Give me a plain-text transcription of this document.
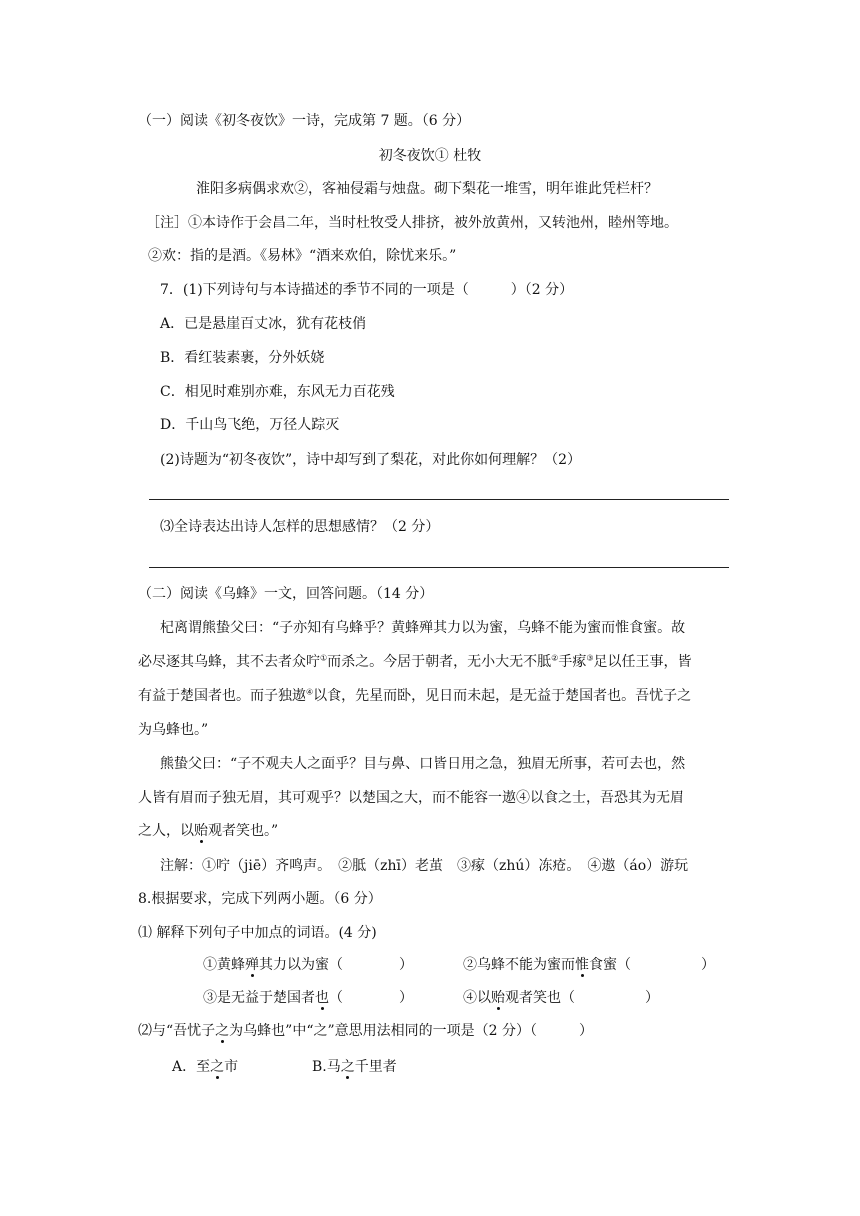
（一）阅读《初冬夜饮》一诗，完成第 7 题。（6 分）
初冬夜饮① 杜牧
淮阳多病偶求欢②，客袖侵霜与烛盘。砌下梨花一堆雪，明年谁此凭栏杆？
［注］①本诗作于会昌二年，当时杜牧受人排挤，被外放黄州，又转池州，睦州等地。
②欢：指的是酒。《易林》“酒来欢伯，除忧来乐。”
7．(1)下列诗句与本诗描述的季节不同的一项是（　　　）（2 分）
A．已是悬崖百丈冰，犹有花枝俏
B．看红装素裹，分外妖娆
C．相见时难别亦难，东风无力百花残
D．千山鸟飞绝，万径人踪灭
(2)诗题为“初冬夜饮”，诗中却写到了梨花，对此你如何理解？（2）
⑶全诗表达出诗人怎样的思想感情？（2 分）
（二）阅读《乌蜂》一文，回答问题。（14 分）
杞离谓熊蛰父曰：“子亦知有乌蜂乎？黄蜂殚其力以为蜜，乌蜂不能为蜜而惟食蜜。故
必尽逐其乌蜂，其不去者众咛①而杀之。今居于朝者，无小大无不胝②手瘃③足以任王事，皆
有益于楚国者也。而子独遨④以食，先星而卧，见日而未起，是无益于楚国者也。吾忧子之
为乌蜂也。”
熊蛰父曰：“子不观夫人之面乎？目与鼻、口皆日用之急，独眉无所事，若可去也，然
人皆有眉而子独无眉，其可观乎？以楚国之大，而不能容一遨④以食之士，吾恐其为无眉
之人，以贻观者笑也。”
注解：①咛（jiē）齐鸣声。　②胝（zhī）老茧　③瘃（zhú）冻疮。　④遨（áo）游玩
8.根据要求，完成下列两小题。（6 分）
⑴ 解释下列句子中加点的词语。(4 分)
①黄蜂殚其力以为蜜（　　　　）	②乌蜂不能为蜜而惟食蜜（　　　　　）
③是无益于楚国者也（　　　　）	④以贻观者笑也（　　　　　）
⑵与“吾忧子之为乌蜂也”中“之”意思用法相同的一项是（2 分）（　　　）
A．至之市	B.马之千里者
